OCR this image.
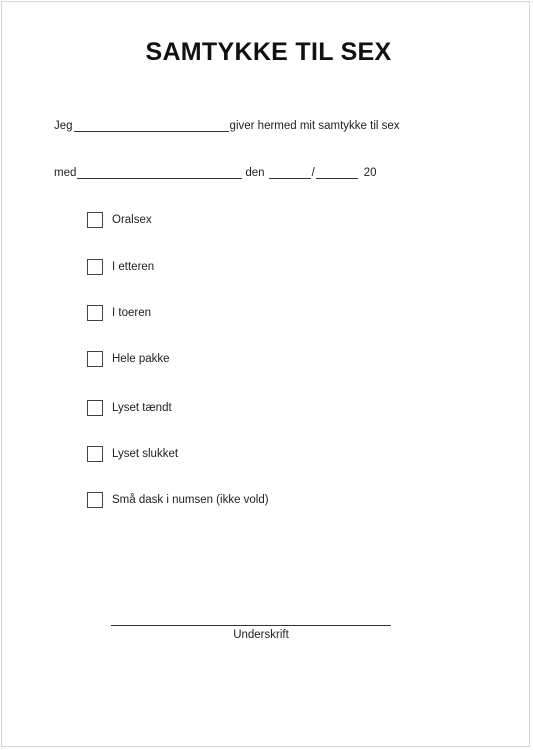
SAMTYKKE TIL SEX
Jeg	giver hermed mit samtykke til sex
med	den	/	20
Oralsex
I etteren
I toeren
Hele pakke
Lyset tændt
Lyset slukket
Små dask i numsen (ikke vold)
Underskrift
